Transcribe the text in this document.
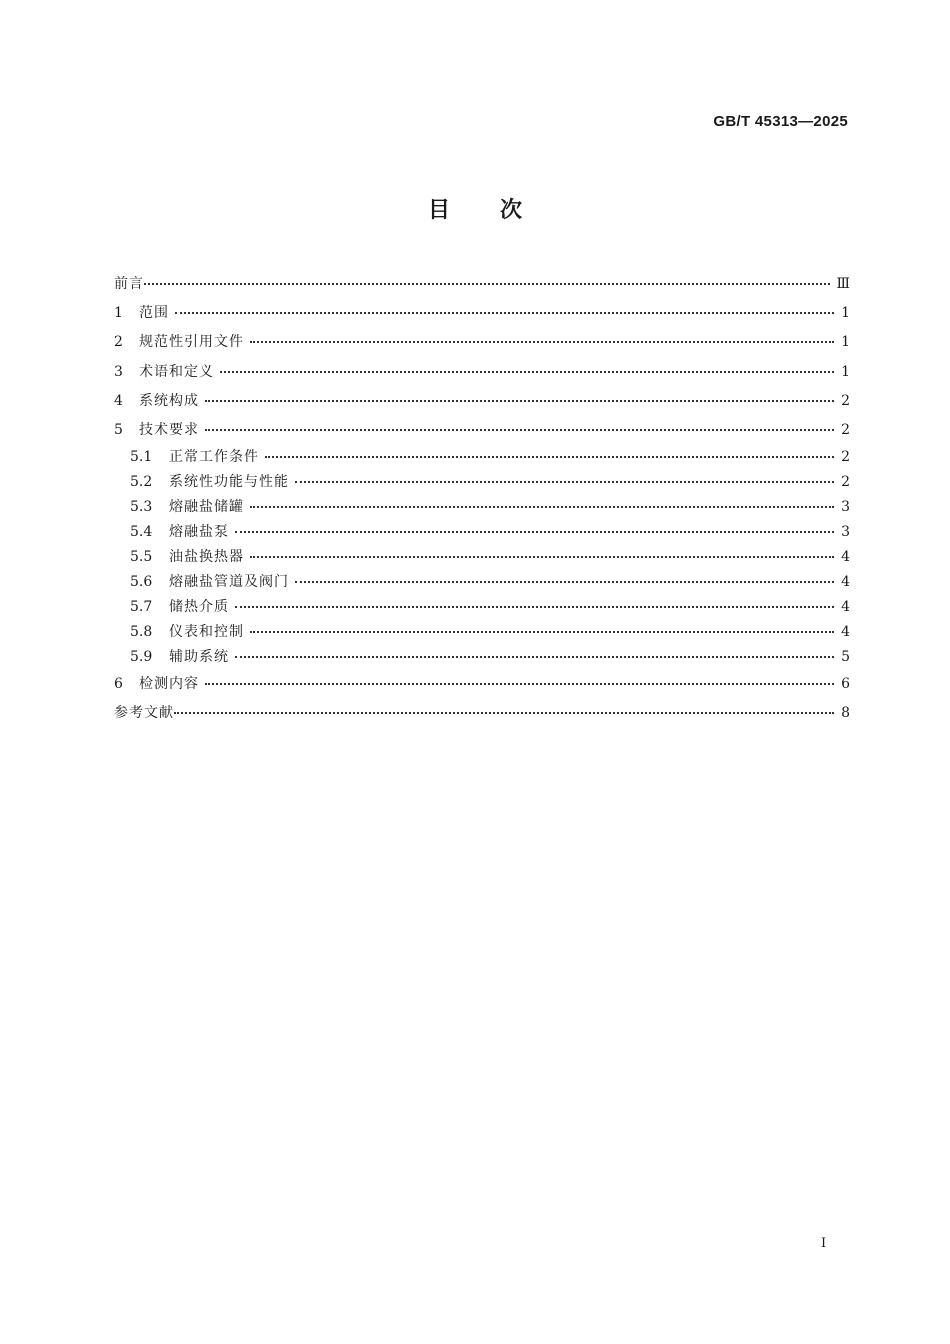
GB/T 45313—2025
目次
前言	Ⅲ
1	范围	1
2	规范性引用文件	1
3	术语和定义	1
4	系统构成	2
5	技术要求	2
5.1	正常工作条件	2
5.2	系统性功能与性能	2
5.3	熔融盐储罐	3
5.4	熔融盐泵	3
5.5	油盐换热器	4
5.6	熔融盐管道及阀门	4
5.7	储热介质	4
5.8	仪表和控制	4
5.9	辅助系统	5
6	检测内容	6
参考文献	8
Ⅰ
